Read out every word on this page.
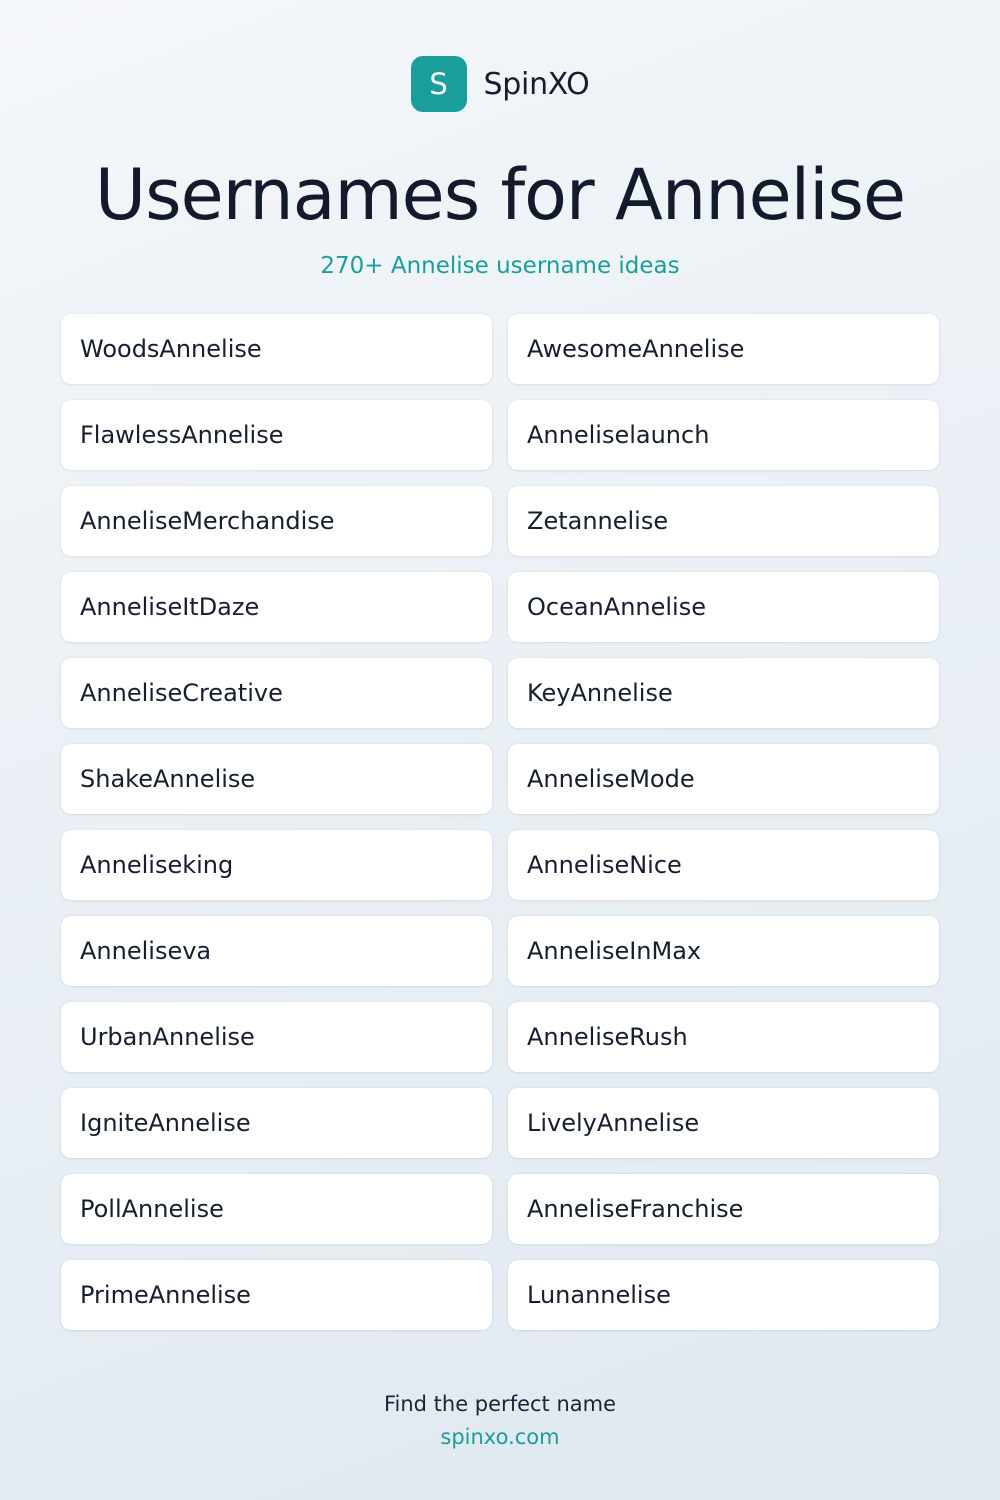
S	SpinXO
Usernames for Annelise
270+ Annelise username ideas
WoodsAnnelise	AwesomeAnnelise
FlawlessAnnelise	Anneliselaunch
AnneliseMerchandise	Zetannelise
AnneliseItDaze	OceanAnnelise
AnneliseCreative	KeyAnnelise
ShakeAnnelise	AnneliseMode
Anneliseking	AnneliseNice
Anneliseva	AnneliseInMax
UrbanAnnelise	AnneliseRush
IgniteAnnelise	LivelyAnnelise
PollAnnelise	AnneliseFranchise
PrimeAnnelise	Lunannelise
Find the perfect name
spinxo.com
